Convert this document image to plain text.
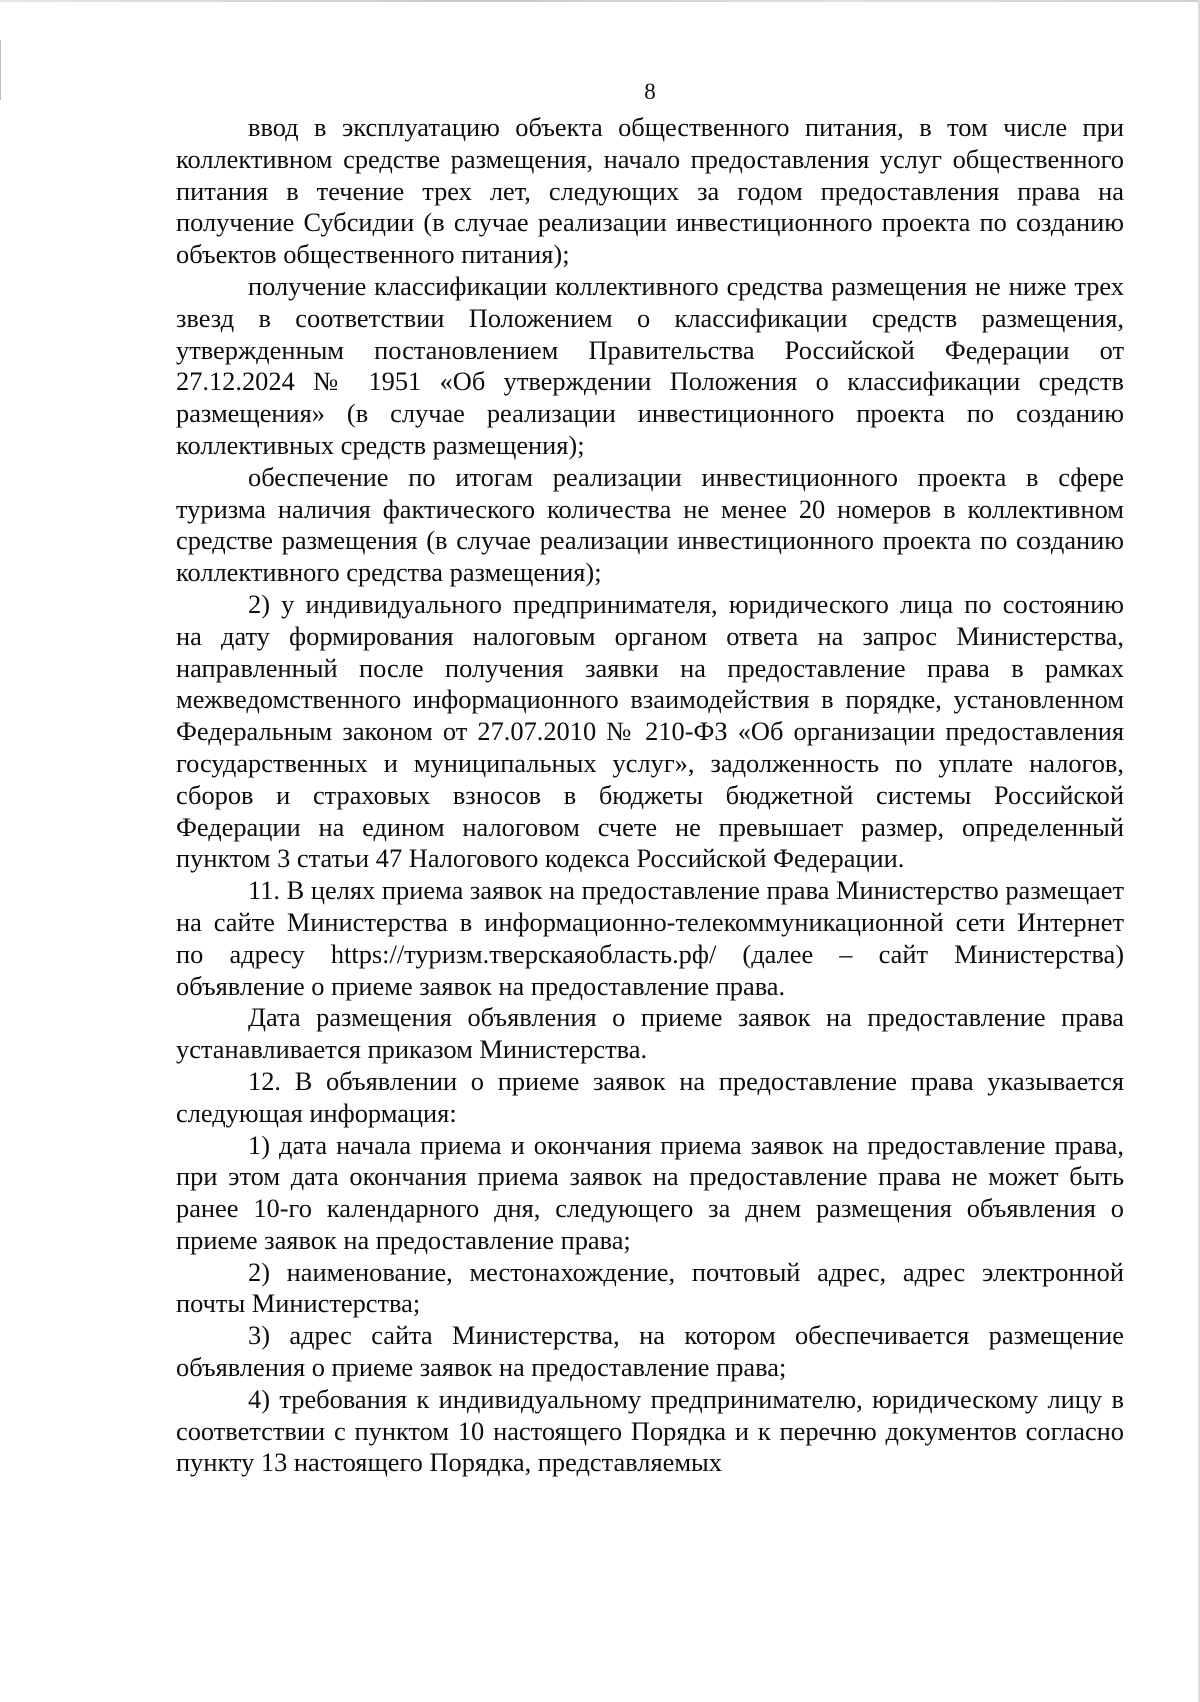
8

ввод в эксплуатацию объекта общественного питания, в том числе при коллективном средстве размещения, начало предоставления услуг общественного питания в течение трех лет, следующих за годом предоставления права на получение Субсидии (в случае реализации инвестиционного проекта по созданию объектов общественного питания);

получение классификации коллективного средства размещения не ниже трех звезд в соответствии Положением о классификации средств размещения, утвержденным постановлением Правительства Российской Федерации от 27.12.2024 № 1951 «Об утверждении Положения о классификации средств размещения» (в случае реализации инвестиционного проекта по созданию коллективных средств размещения);

обеспечение по итогам реализации инвестиционного проекта в сфере туризма наличия фактического количества не менее 20 номеров в коллективном средстве размещения (в случае реализации инвестиционного проекта по созданию коллективного средства размещения);

2) у индивидуального предпринимателя, юридического лица по состоянию на дату формирования налоговым органом ответа на запрос Министерства, направленный после получения заявки на предоставление права в рамках межведомственного информационного взаимодействия в порядке, установленном Федеральным законом от 27.07.2010 № 210-ФЗ «Об организации предоставления государственных и муниципальных услуг», задолженность по уплате налогов, сборов и страховых взносов в бюджеты бюджетной системы Российской Федерации на едином налоговом счете не превышает размер, определенный пунктом 3 статьи 47 Налогового кодекса Российской Федерации.

11. В целях приема заявок на предоставление права Министерство размещает на сайте Министерства в информационно-телекоммуникационной сети Интернет по адресу https://туризм.тверскаяобласть.рф/ (далее – сайт Министерства) объявление о приеме заявок на предоставление права.

Дата размещения объявления о приеме заявок на предоставление права устанавливается приказом Министерства.

12. В объявлении о приеме заявок на предоставление права указывается следующая информация:

1) дата начала приема и окончания приема заявок на предоставление права, при этом дата окончания приема заявок на предоставление права не может быть ранее 10-го календарного дня, следующего за днем размещения объявления о приеме заявок на предоставление права;

2) наименование, местонахождение, почтовый адрес, адрес электронной почты Министерства;

3) адрес сайта Министерства, на котором обеспечивается размещение объявления о приеме заявок на предоставление права;

4) требования к индивидуальному предпринимателю, юридическому лицу в соответствии с пунктом 10 настоящего Порядка и к перечню документов согласно пункту 13 настоящего Порядка, представляемых
